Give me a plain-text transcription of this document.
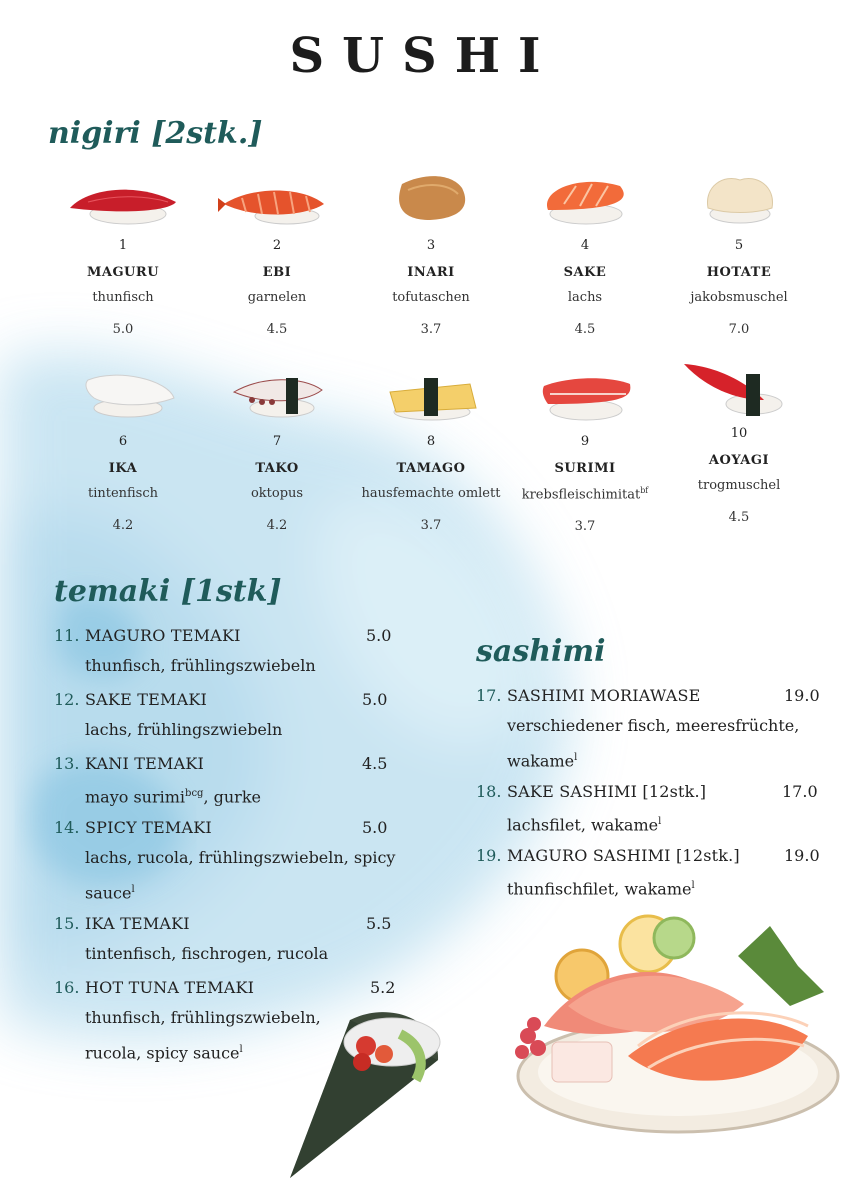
SUSHI
nigiri [2stk.]
1
MAGURU
thunfisch
5.0
2
EBI
garnelen
4.5
3
INARI
tofutaschen
3.7
4
SAKE
lachs
4.5
5
HOTATE
jakobsmuschel
7.0
6
IKA
tintenfisch
4.2
7
TAKO
oktopus
4.2
8
TAMAGO
hausfemachte omlett
3.7
9
SURIMI
krebsfleischimitat$^{bf}$
3.7
10
AOYAGI
trogmuschel
4.5
temaki [1stk]
11. MAGURO TEMAKI	5.0
thunfisch, frühlingszwiebeln
12. SAKE TEMAKI	5.0
lachs, frühlingszwiebeln
13. KANI TEMAKI	4.5
mayo surimi$^{bcg}$, gurke
14. SPICY TEMAKI	5.0
lachs, rucola, frühlingszwiebeln, spicy
sauce$^l$
15. IKA TEMAKI	5.5
tintenfisch, fischrogen, rucola
16. HOT TUNA TEMAKI	5.2
thunfisch, frühlingszwiebeln,
rucola, spicy sauce$^l$
sashimi
17. SASHIMI MORIAWASE	19.0
verschiedener fisch, meeresfrüchte,
wakame$^l$
18. SAKE SASHIMI [12stk.]	17.0
lachsfilet, wakame$^l$
19. MAGURO SASHIMI [12stk.]	19.0
thunfischfilet, wakame$^l$
